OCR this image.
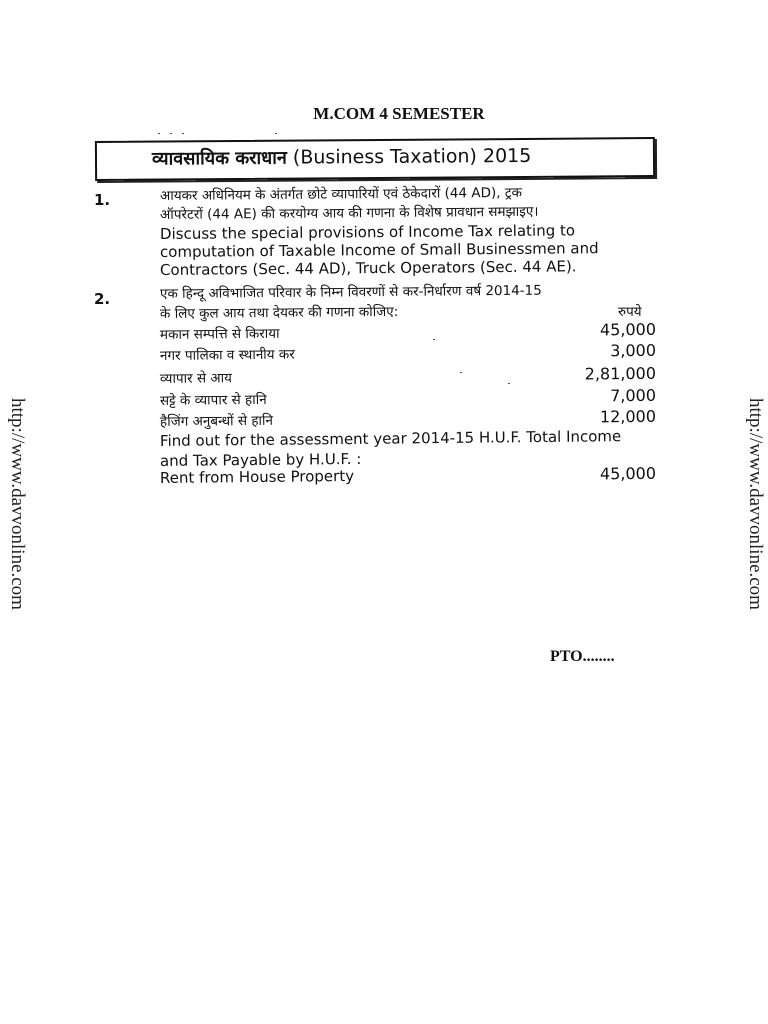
http://www.davvonline.com	http://www.davvonline.com
M.COM 4 SEMESTER
व्यावसायिक कराधान (Business Taxation) 2015
1.	आयकर अधिनियम के अंतर्गत छोटे व्यापारियों एवं ठेकेदारों (44 AD), ट्रक
ऑपरेटरों (44 AE) की करयोग्य आय की गणना के विशेष प्रावधान समझाइए।
Discuss the special provisions of Income Tax relating to
computation of Taxable Income of Small Businessmen and
Contractors (Sec. 44 AD), Truck Operators (Sec. 44 AE).
2.	एक हिन्दू अविभाजित परिवार के निम्न विवरणों से कर-निर्धारण वर्ष 2014-15
के लिए कुल आय तथा देयकर की गणना कोजिए:	रुपये
मकान सम्पत्ति से किराया	45,000
नगर पालिका व स्थानीय कर	3,000
व्यापार से आय	2,81,000
सट्टे के व्यापार से हानि	7,000
हैजिंग अनुबन्धों से हानि	12,000
Find out for the assessment year 2014-15 H.U.F. Total Income
and Tax Payable by H.U.F. :
Rent from House Property	45,000
PTO........
